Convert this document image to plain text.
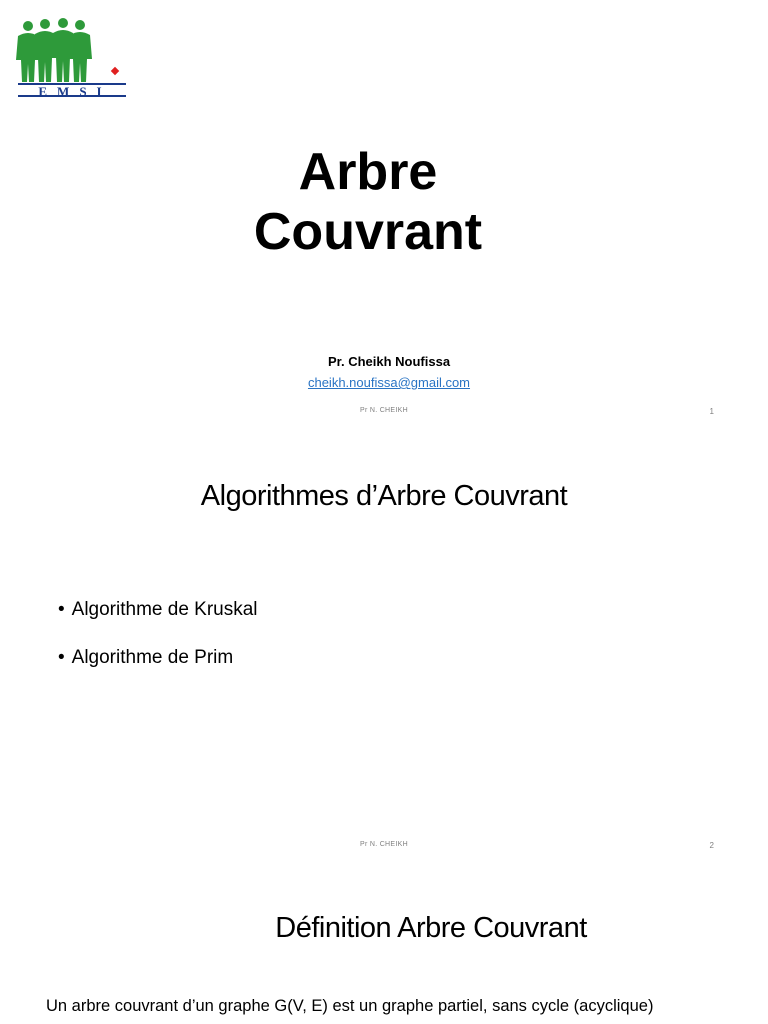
EMSI
Arbre
Couvrant
Pr. Cheikh Noufissa
cheikh.noufissa@gmail.com
Pr N. CHEIKH	1
Algorithmes d’Arbre Couvrant
• Algorithme de Kruskal
• Algorithme de Prim
Pr N. CHEIKH	2
Définition Arbre Couvrant
Un arbre couvrant d’un graphe G(V, E) est un graphe partiel, sans cycle (acyclique)
